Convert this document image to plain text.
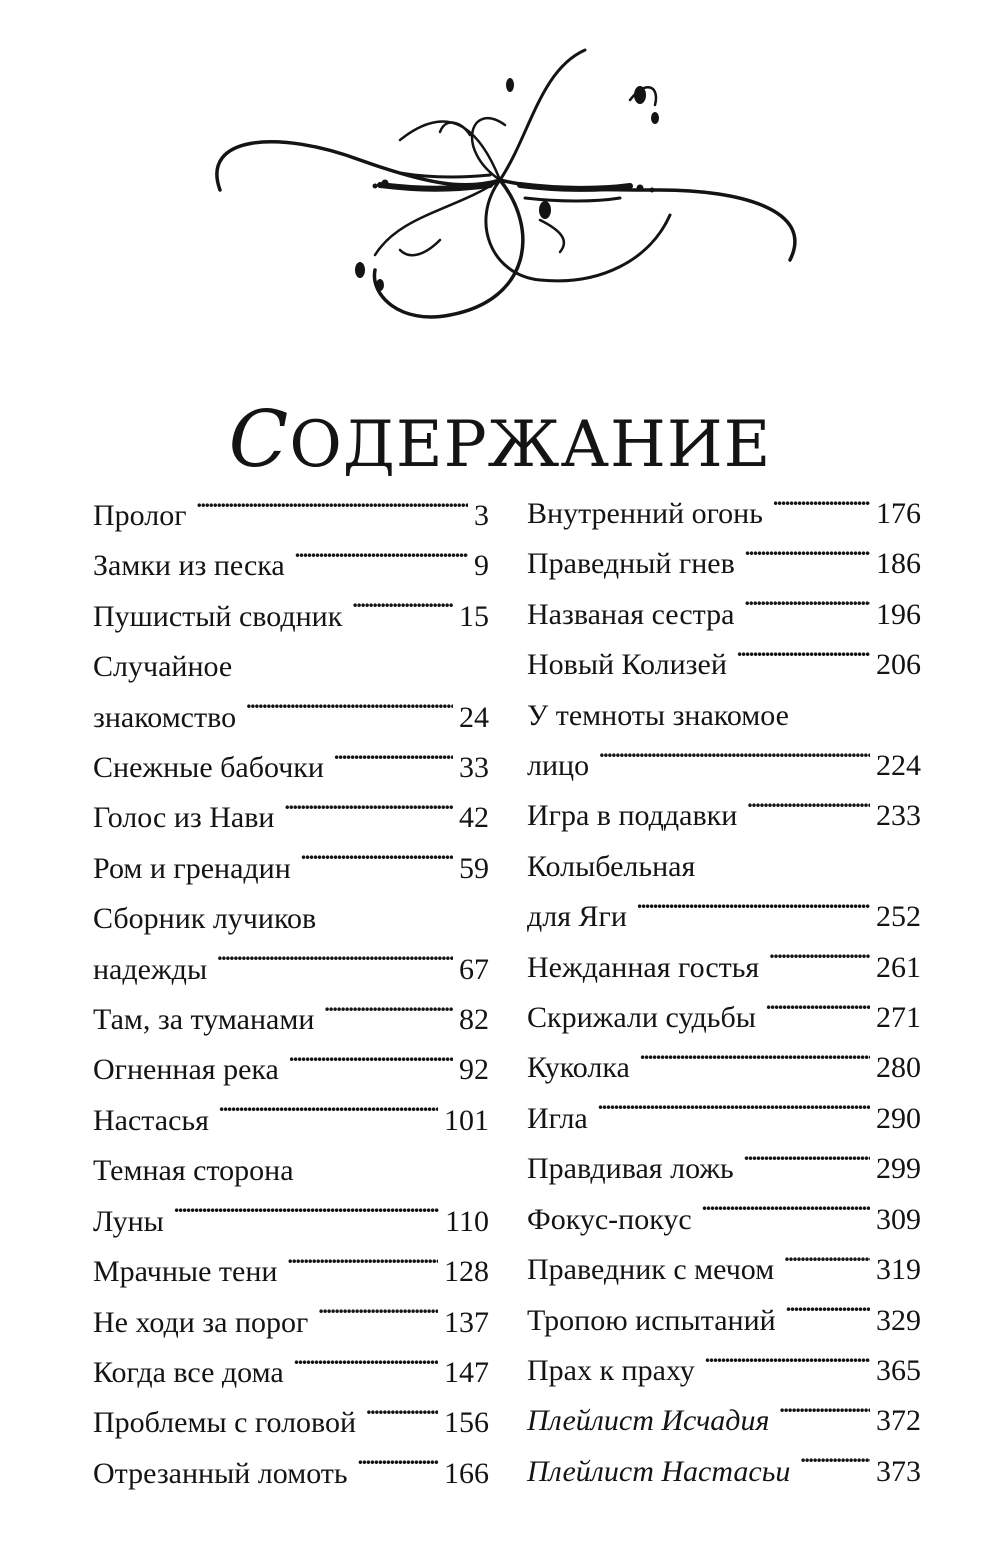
СОДЕРЖАНИЕ
Пролог . . .	3
Замки из песка . . .	9
Пушистый сводник . . .	15
Случайное
знакомство . . .	24
Снежные бабочки . . .	33
Голос из Нави . . .	42
Ром и гренадин . . .	59
Сборник лучиков
надежды . . .	67
Там, за туманами . . .	82
Огненная река . . .	92
Настасья . . .	101
Темная сторона
Луны . . .	110
Мрачные тени . . .	128
Не ходи за порог . . .	137
Когда все дома . . .	147
Проблемы с головой . . .	156
Отрезанный ломоть . . .	166
Внутренний огонь . . .	176
Праведный гнев . . .	186
Названая сестра . . .	196
Новый Колизей . . .	206
У темноты знакомое
лицо . . .	224
Игра в поддавки . . .	233
Колыбельная
для Яги . . .	252
Нежданная гостья . . .	261
Скрижали судьбы . . .	271
Куколка . . .	280
Игла . . .	290
Правдивая ложь . . .	299
Фокус-покус . . .	309
Праведник с мечом . . .	319
Тропою испытаний . . .	329
Прах к праху . . .	365
Плейлист Исчадия . . .	372
Плейлист Настасьи . . .	373
